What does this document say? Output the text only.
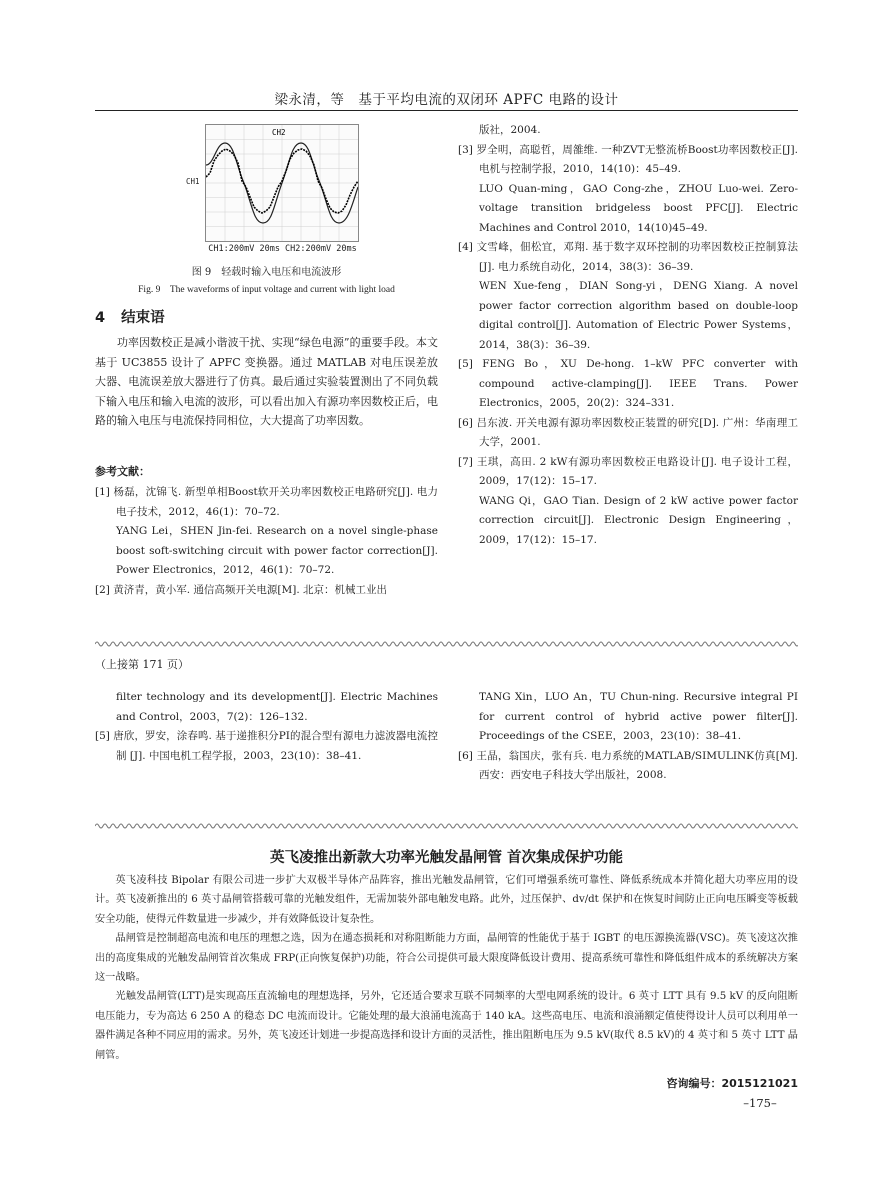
梁永清，等　基于平均电流的双闭环 APFC 电路的设计
CH2
CH1
CH1:200mV 20ms CH2:200mV 20ms
图 9　轻载时输入电压和电流波形
Fig. 9　The waveforms of input voltage and current with light load
4 结束语

功率因数校正是减小谐波干扰、实现“绿色电源”的重要手段。本文基于 UC3855 设计了 APFC 变换器。通过 MATLAB 对电压误差放大器、电流误差放大器进行了仿真。最后通过实验装置测出了不同负载下输入电压和输入电流的波形，可以看出加入有源功率因数校正后，电路的输入电压与电流保持同相位，大大提高了功率因数。

参考文献：

[1] 杨磊，沈锦飞. 新型单相Boost软开关功率因数校正电路研究[J]. 电力电子技术，2012，46(1)：70–72.

YANG Lei，SHEN Jin-fei. Research on a novel single-phase boost soft-switching circuit with power factor correction[J]. Power Electronics，2012，46(1)：70–72.

[2] 黄济青，黄小军. 通信高频开关电源[M]. 北京：机械工业出

版社，2004.

[3] 罗全明，高聪哲，周雒维. 一种ZVT无整流桥Boost功率因数校正[J]. 电机与控制学报，2010，14(10)：45–49.

LUO Quan-ming，GAO Cong-zhe，ZHOU Luo-wei. Zero-voltage transition bridgeless boost PFC[J]. Electric Machines and Control 2010，14(10)45–49.

[4] 文雪峰，佃松宜，邓翔. 基于数字双环控制的功率因数校正控制算法[J]. 电力系统自动化，2014，38(3)：36–39.

WEN Xue-feng，DIAN Song-yi，DENG Xiang. A novel power factor correction algorithm based on double-loop digital control[J]. Automation of Electric Power Systems，2014，38(3)：36–39.

[5] FENG Bo，XU De-hong. 1–kW PFC converter with compound active-clamping[J]. IEEE Trans. Power Electronics，2005，20(2)：324–331.

[6] 吕东波. 开关电源有源功率因数校正装置的研究[D]. 广州：华南理工大学，2001.

[7] 王琪，高田. 2 kW有源功率因数校正电路设计[J]. 电子设计工程，2009，17(12)：15–17.

WANG Qi，GAO Tian. Design of 2 kW active power factor correction circuit[J]. Electronic Design Engineering，2009，17(12)：15–17.

（上接第 171 页）

filter technology and its development[J]. Electric Machines and Control，2003，7(2)：126–132.

[5] 唐欣，罗安，涂春鸣. 基于递推积分PI的混合型有源电力滤波器电流控制 [J]. 中国电机工程学报，2003，23(10)：38–41.

TANG Xin，LUO An，TU Chun-ning. Recursive integral PI for current control of hybrid active power filter[J]. Proceedings of the CSEE，2003，23(10)：38–41.

[6] 王晶，翁国庆，张有兵. 电力系统的MATLAB/SIMULINK仿真[M]. 西安：西安电子科技大学出版社，2008.

英飞凌推出新款大功率光触发晶闸管 首次集成保护功能

英飞凌科技 Bipolar 有限公司进一步扩大双极半导体产品阵容，推出光触发晶闸管，它们可增强系统可靠性、降低系统成本并简化超大功率应用的设计。英飞凌新推出的 6 英寸晶闸管搭载可靠的光触发组件，无需加装外部电触发电路。此外，过压保护、dv/dt 保护和在恢复时间防止正向电压瞬变等板载安全功能，使得元件数量进一步减少，并有效降低设计复杂性。

晶闸管是控制超高电流和电压的理想之选，因为在通态损耗和对称阻断能力方面，晶闸管的性能优于基于 IGBT 的电压源换流器(VSC)。英飞凌这次推出的高度集成的光触发晶闸管首次集成 FRP(正向恢复保护)功能，符合公司提供可最大限度降低设计费用、提高系统可靠性和降低组件成本的系统解决方案这一战略。

光触发晶闸管(LTT)是实现高压直流输电的理想选择，另外，它还适合要求互联不同频率的大型电网系统的设计。6 英寸 LTT 具有 9.5 kV 的反向阻断电压能力，专为高达 6 250 A 的稳态 DC 电流而设计。它能处理的最大浪涌电流高于 140 kA。这些高电压、电流和浪涌额定值使得设计人员可以利用单一器件满足各种不同应用的需求。另外，英飞凌还计划进一步提高选择和设计方面的灵活性，推出阻断电压为 9.5 kV(取代 8.5 kV)的 4 英寸和 5 英寸 LTT 晶闸管。

咨询编号：2015121021
–175–
